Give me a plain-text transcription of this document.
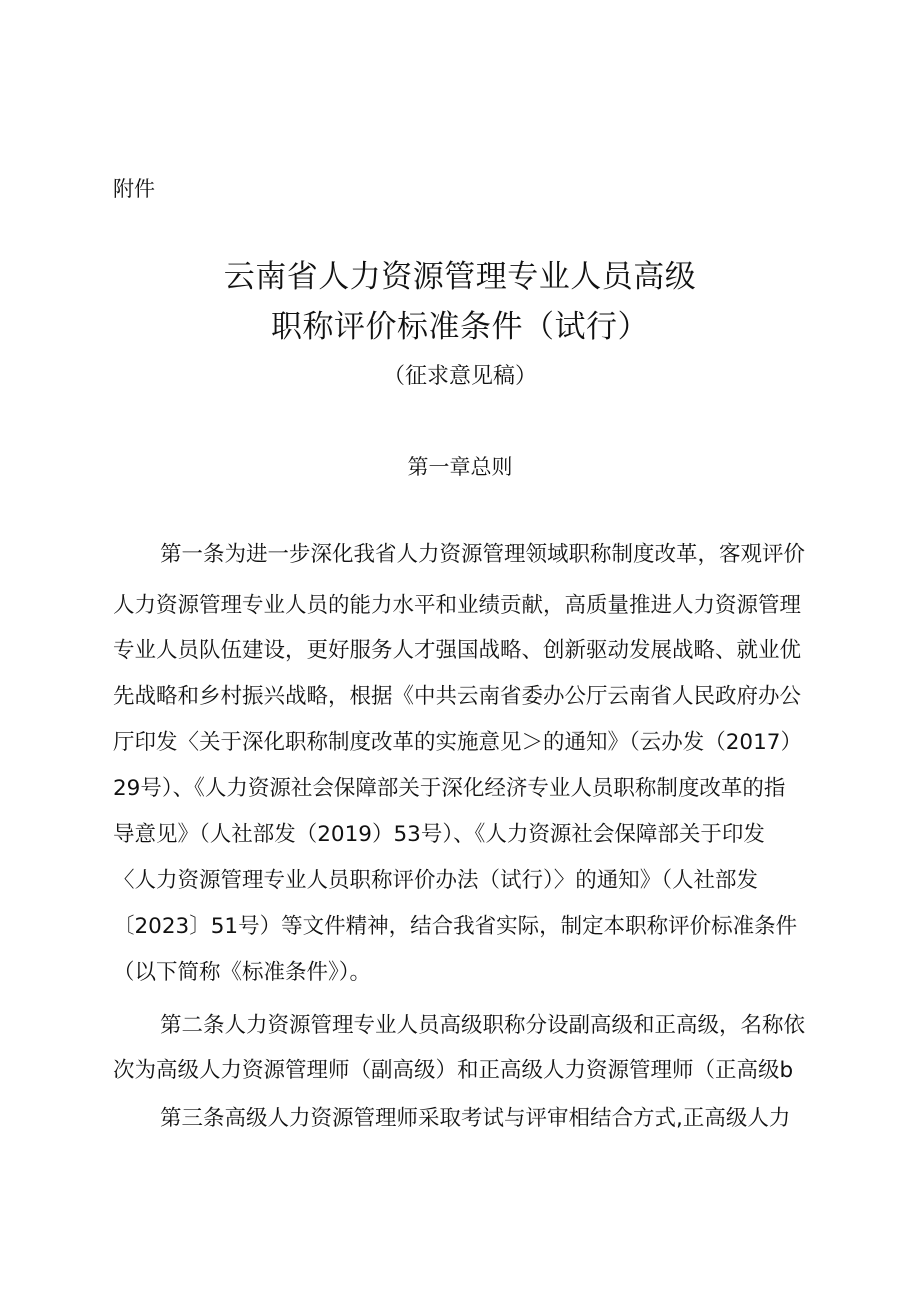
附件
云南省人力资源管理专业人员高级
职称评价标准条件（试行）
（征求意见稿）
第一章总则
第一条为进一步深化我省人力资源管理领域职称制度改革，客观评价
人力资源管理专业人员的能力水平和业绩贡献，高质量推进人力资源管理
专业人员队伍建设，更好服务人才强国战略、创新驱动发展战略、就业优
先战略和乡村振兴战略，根据《中共云南省委办公厅云南省人民政府办公
厅印发〈关于深化职称制度改革的实施意见＞的通知》（云办发（2017）
29号）、《人力资源社会保障部关于深化经济专业人员职称制度改革的指
导意见》（人社部发（2019）53号）、《人力资源社会保障部关于印发
〈人力资源管理专业人员职称评价办法（试行）〉的通知》（人社部发
〔2023〕51号）等文件精神，结合我省实际，制定本职称评价标准条件
（以下简称《标准条件》）。
第二条人力资源管理专业人员高级职称分设副高级和正高级，名称依
次为高级人力资源管理师（副高级）和正高级人力资源管理师（正高级b
第三条高级人力资源管理师采取考试与评审相结合方式,正高级人力
